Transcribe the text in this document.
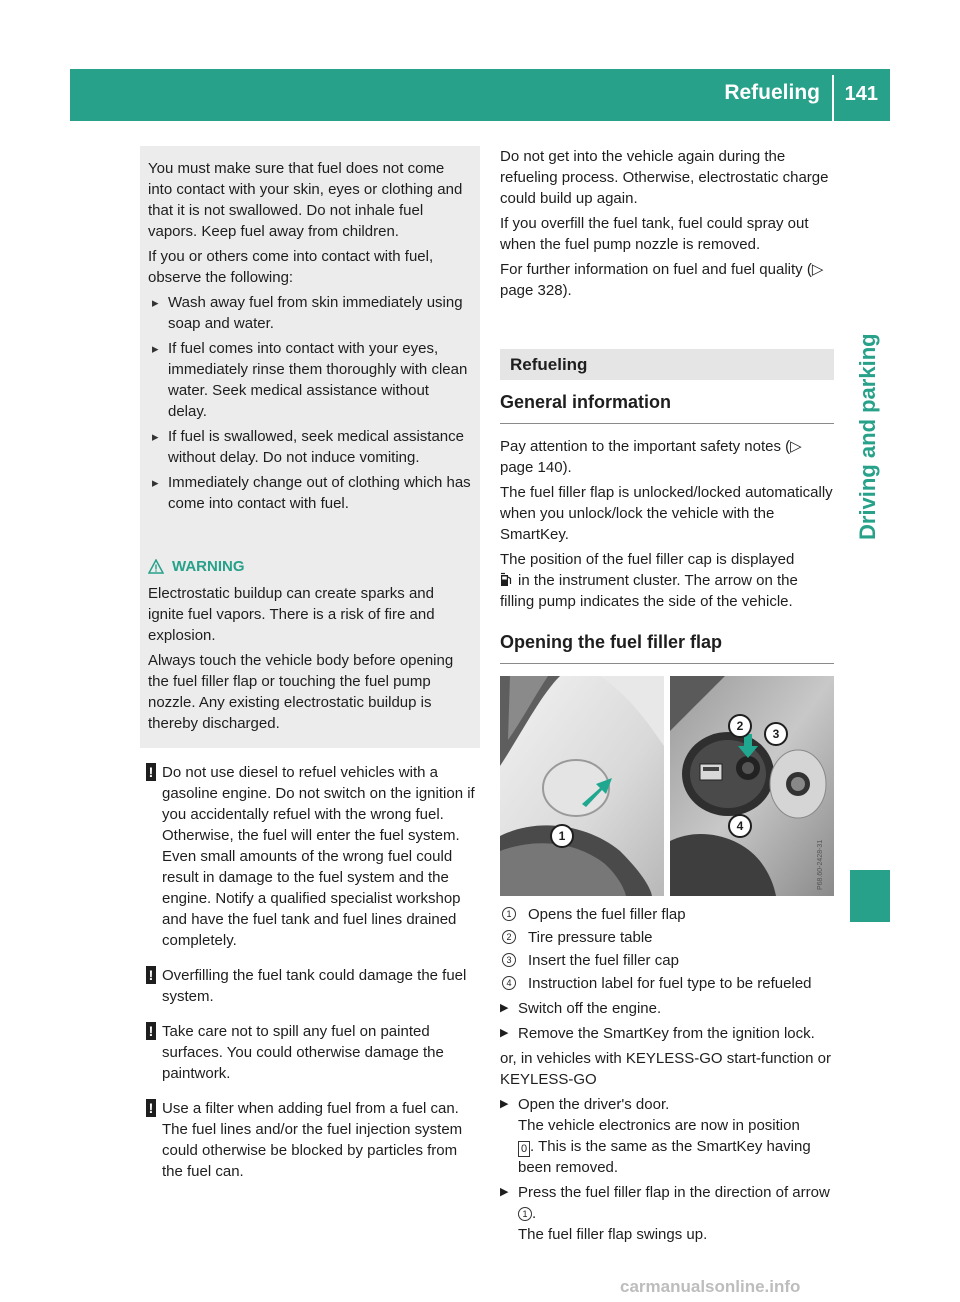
Refueling 141
Driving and parking

You must make sure that fuel does not come into contact with your skin, eyes or clothing and that it is not swallowed. Do not inhale fuel vapors. Keep fuel away from children.

If you or others come into contact with fuel, observe the following:

▸ Wash away fuel from skin immediately using soap and water.
▸ If fuel comes into contact with your eyes, immediately rinse them thoroughly with clean water. Seek medical assistance without delay.
▸ If fuel is swallowed, seek medical assistance without delay. Do not induce vomiting.
▸ Immediately change out of clothing which has come into contact with fuel.
WARNING

Electrostatic buildup can create sparks and ignite fuel vapors. There is a risk of fire and explosion.

Always touch the vehicle body before opening the fuel filler flap or touching the fuel pump nozzle. Any existing electrostatic buildup is thereby discharged.

! Do not use diesel to refuel vehicles with a gasoline engine. Do not switch on the ignition if you accidentally refuel with the wrong fuel. Otherwise, the fuel will enter the fuel system. Even small amounts of the wrong fuel could result in damage to the fuel system and the engine. Notify a qualified specialist workshop and have the fuel tank and fuel lines drained completely.
! Overfilling the fuel tank could damage the fuel system.
! Take care not to spill any fuel on painted surfaces. You could otherwise damage the paintwork.
! Use a filter when adding fuel from a fuel can. The fuel lines and/or the fuel injection system could otherwise be blocked by particles from the fuel can.

Do not get into the vehicle again during the refueling process. Otherwise, electrostatic charge could build up again.

If you overfill the fuel tank, fuel could spray out when the fuel pump nozzle is removed.

For further information on fuel and fuel quality (▷ page 328).

Refueling
General information

Pay attention to the important safety notes (▷ page 140).

The fuel filler flap is unlocked/locked automatically when you unlock/lock the vehicle with the SmartKey.

The position of the fuel filler cap is displayed
in the instrument cluster. The arrow on the filling pump indicates the side of the vehicle.

Opening the fuel filler flap
1
P68.60-2428-31
2
3
4
1	Opens the fuel filler flap
2	Tire pressure table
3	Insert the fuel filler cap
4	Instruction label for fuel type to be refueled
▶ Switch off the engine.
▶ Remove the SmartKey from the ignition lock.

or, in vehicles with KEYLESS-GO start-function or KEYLESS-GO

▶ Open the driver's door.
The vehicle electronics are now in position
0 . This is the same as the SmartKey having been removed.
▶ Press the fuel filler flap in the direction of arrow 1 .
The fuel filler flap swings up.
carmanualsonline.info
